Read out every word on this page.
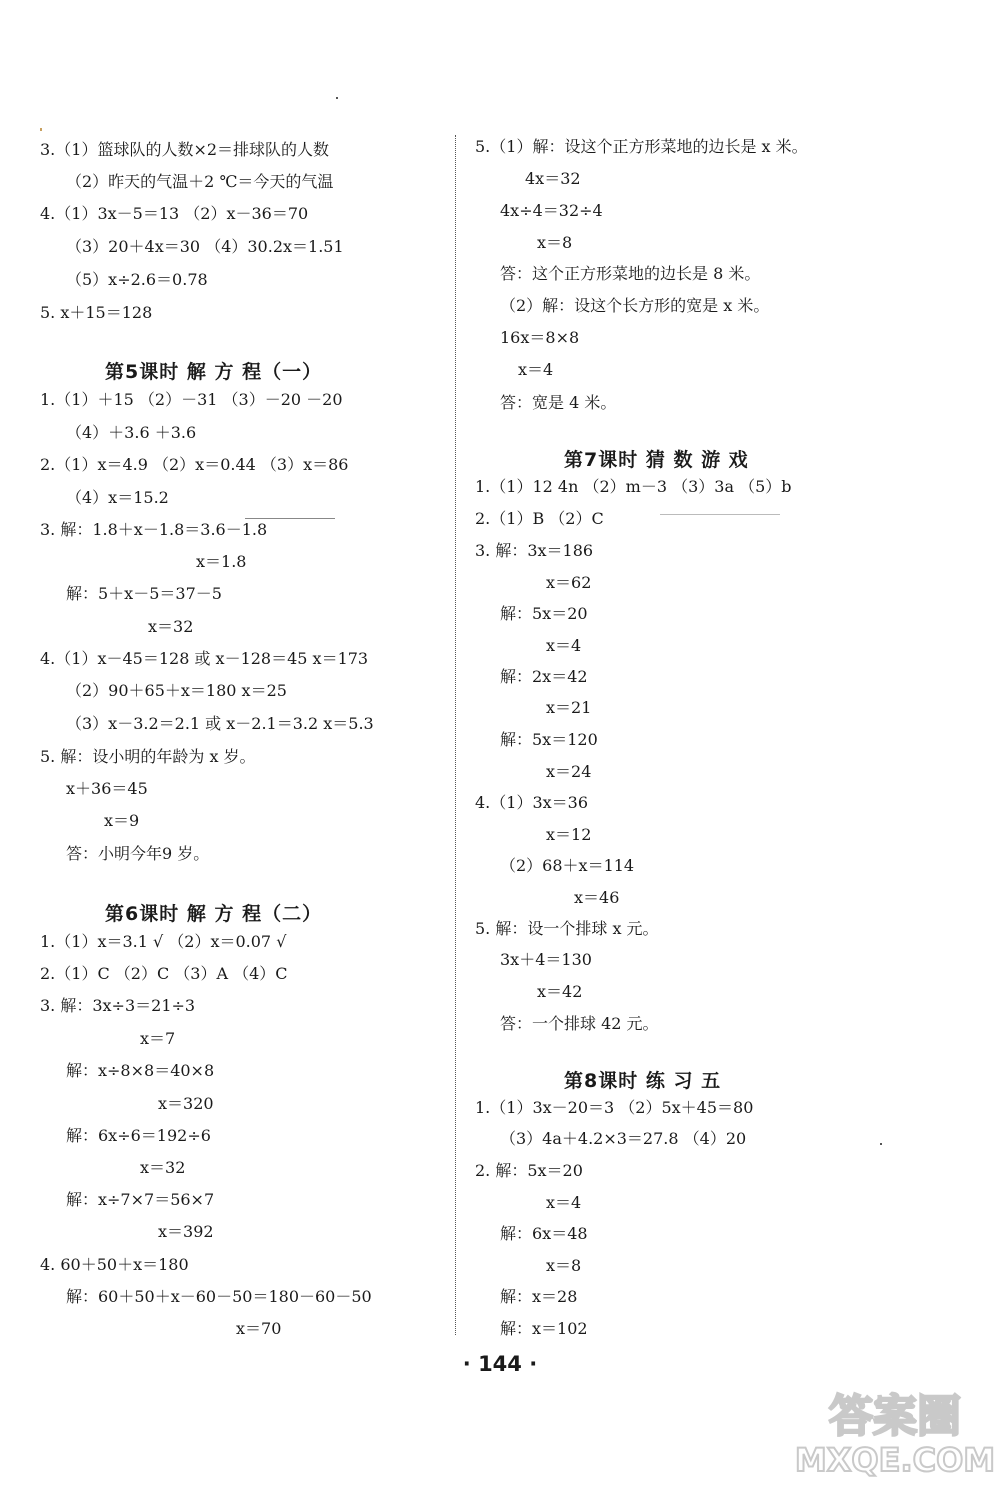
3.（1）篮球队的人数×2＝排球队的人数
（2）昨天的气温＋2 ℃＝今天的气温
4.（1）3x－5＝13 （2）x－36＝70
（3）20＋4x＝30 （4）30.2x＝1.51
（5）x÷2.6＝0.78
5. x＋15＝128
第5课时 解 方 程（一）
1.（1）＋15 （2）－31 （3）－20 －20
（4）＋3.6 ＋3.6
2.（1）x＝4.9 （2）x＝0.44 （3）x＝86
（4）x＝15.2
3. 解：1.8＋x－1.8＝3.6－1.8
x＝1.8
解：5＋x－5＝37－5
x＝32
4.（1）x－45＝128 或 x－128＝45 x＝173
（2）90＋65＋x＝180 x＝25
（3）x－3.2＝2.1 或 x－2.1＝3.2 x＝5.3
5. 解：设小明的年龄为 x 岁。
x＋36＝45
x＝9
答：小明今年9 岁。
第6课时 解 方 程（二）
1.（1）x＝3.1 √ （2）x＝0.07 √
2.（1）C （2）C （3）A （4）C
3. 解：3x÷3＝21÷3
x＝7
解：x÷8×8＝40×8
x＝320
解：6x÷6＝192÷6
x＝32
解：x÷7×7＝56×7
x＝392
4. 60＋50＋x＝180
解：60＋50＋x－60－50＝180－60－50
x＝70
5.（1）解：设这个正方形菜地的边长是 x 米。
4x＝32
4x÷4＝32÷4
x＝8
答：这个正方形菜地的边长是 8 米。
（2）解：设这个长方形的宽是 x 米。
16x＝8×8
x＝4
答：宽是 4 米。
第7课时 猜 数 游 戏
1.（1）12 4n （2）m－3 （3）3a （5）b
2.（1）B （2）C
3. 解：3x＝186
x＝62
解：5x＝20
x＝4
解：2x＝42
x＝21
解：5x＝120
x＝24
4.（1）3x＝36
x＝12
（2）68＋x＝114
x＝46
5. 解：设一个排球 x 元。
3x＋4＝130
x＝42
答：一个排球 42 元。
第8课时 练 习 五
1.（1）3x－20＝3 （2）5x＋45＝80
（3）4a＋4.2×3＝27.8 （4）20
2. 解：5x＝20
x＝4
解：6x＝48
x＝8
解：x＝28
解：x＝102
· 144 ·
答案圈
MXQE.COM
